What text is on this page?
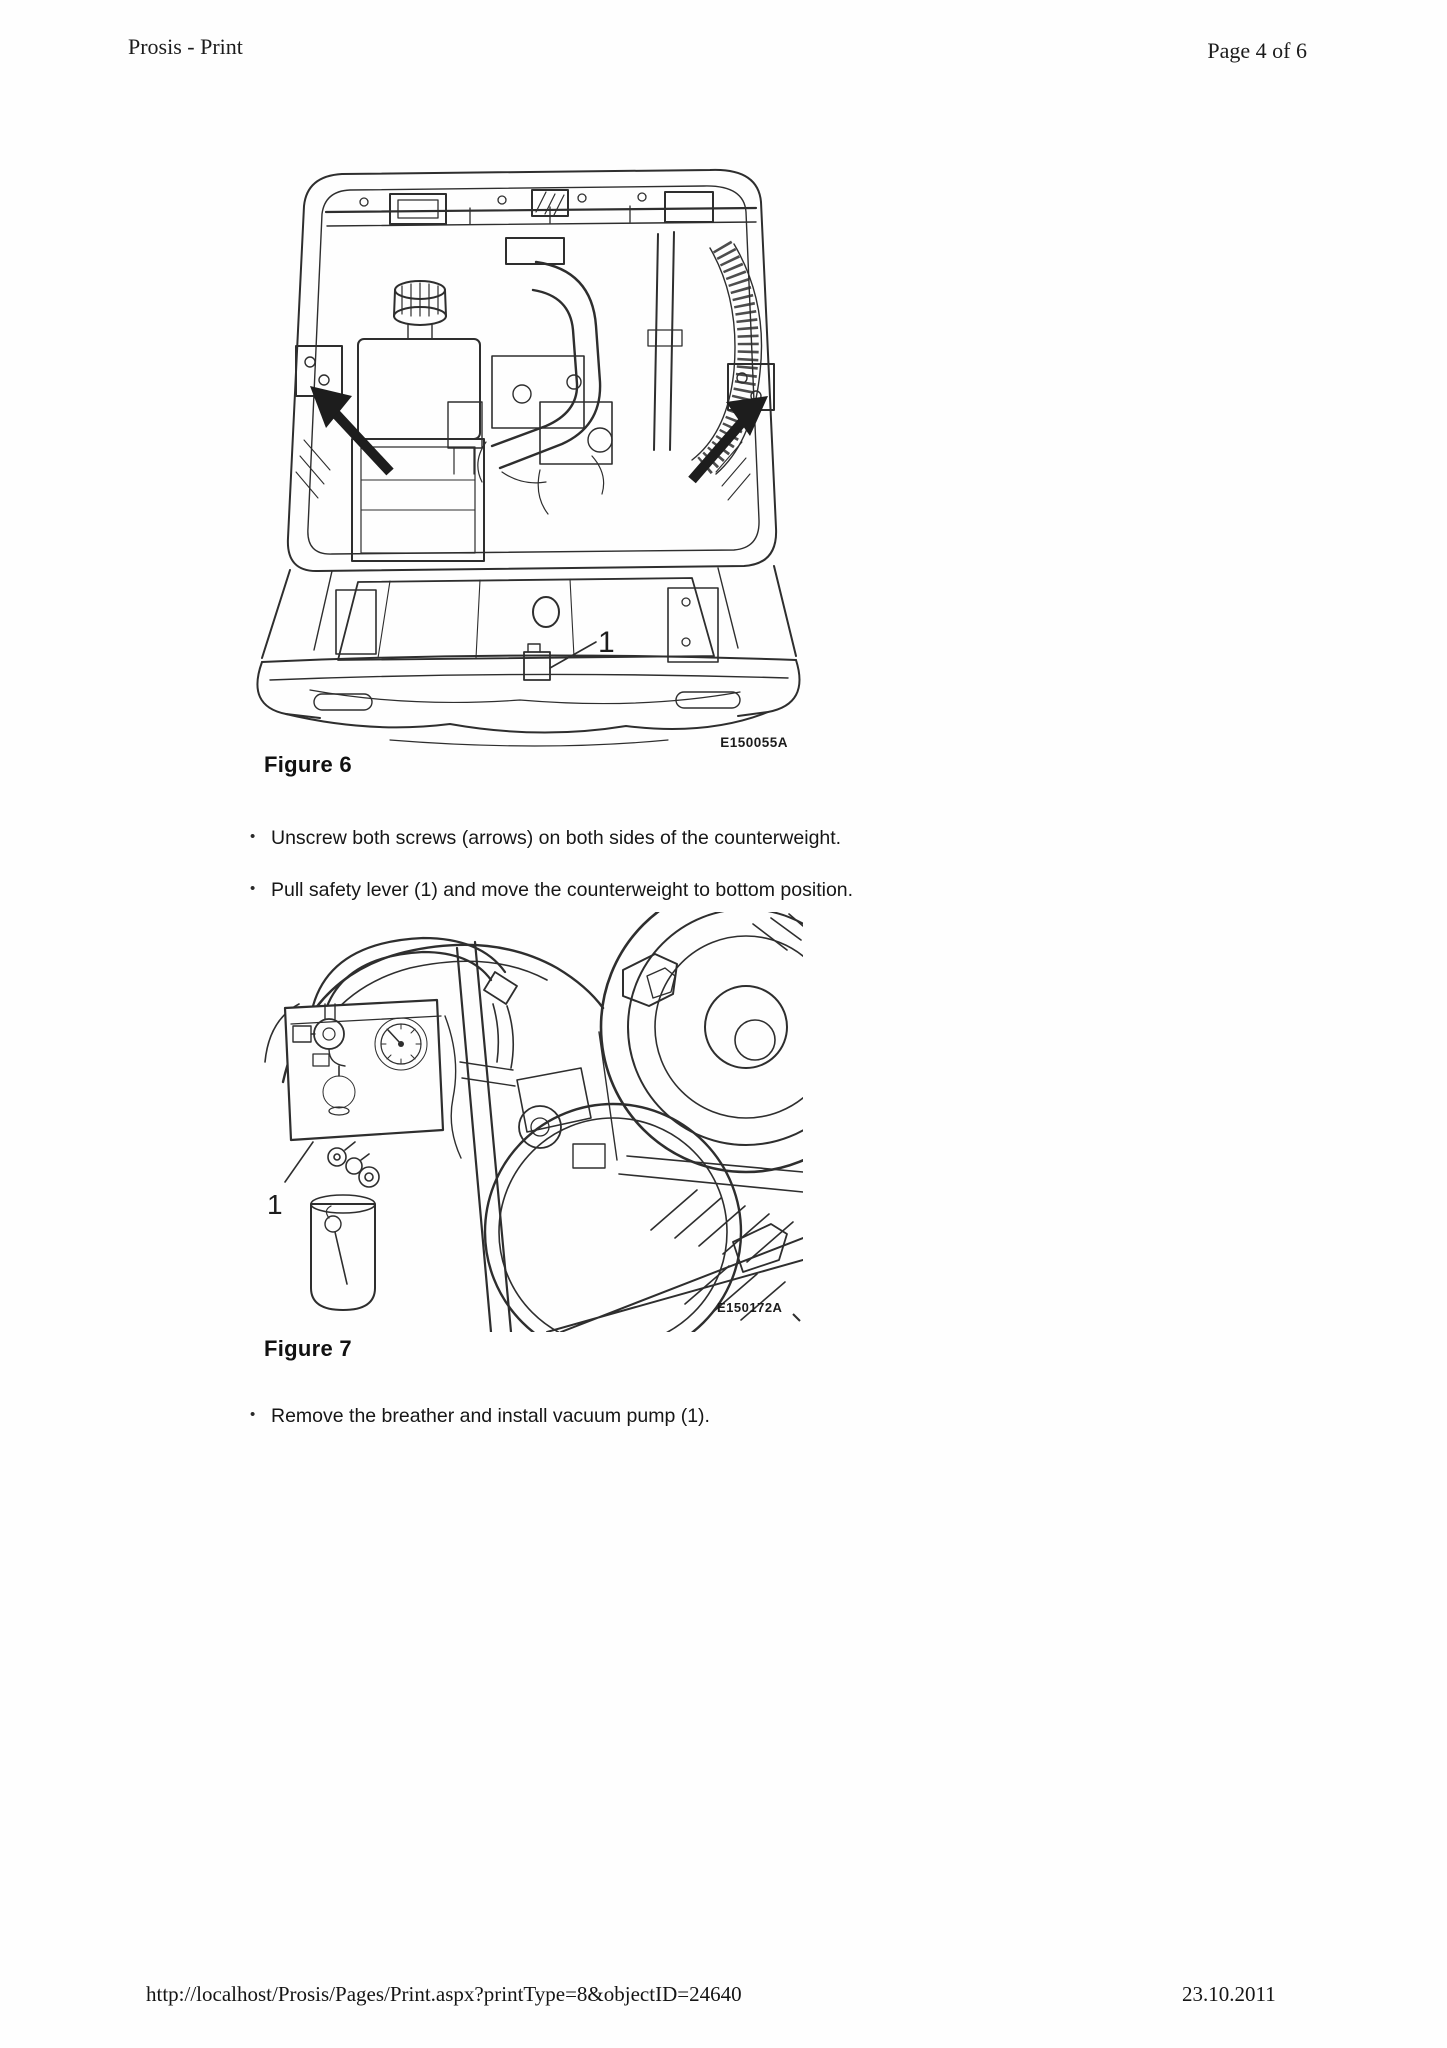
Prosis - Print	Page 4 of 6
1
E150055A
Figure 6
• Unscrew both screws (arrows) on both sides of the counterweight.
• Pull safety lever (1) and move the counterweight to bottom position.
1
E150172A
Figure 7
• Remove the breather and install vacuum pump (1).
http://localhost/Prosis/Pages/Print.aspx?printType=8&objectID=24640	23.10.2011
